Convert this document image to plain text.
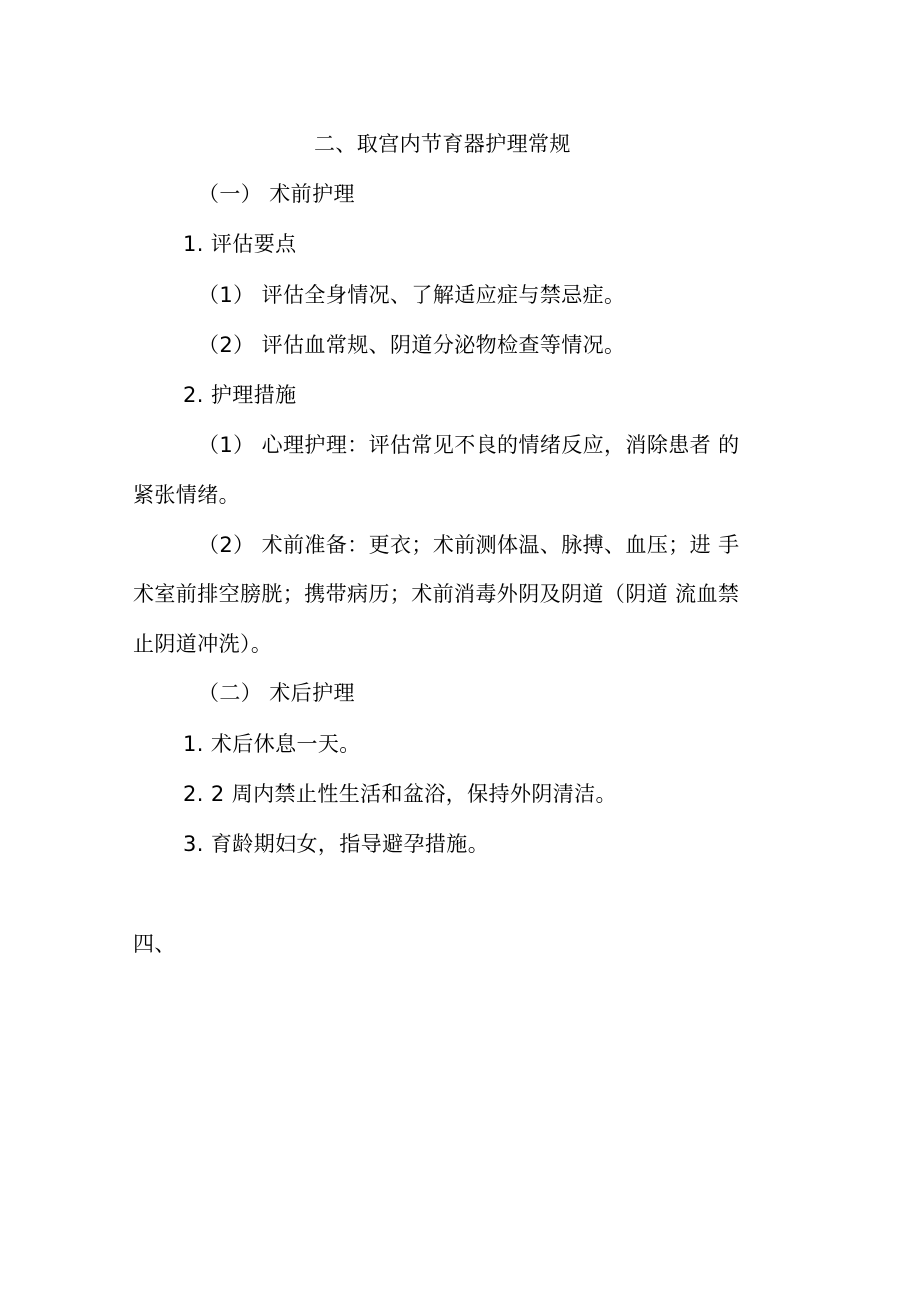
二、取宫内节育器护理常规
（一） 术前护理
1. 评估要点
（1） 评估全身情况、了解适应症与禁忌症。
（2） 评估血常规、阴道分泌物检查等情况。
2. 护理措施
（1） 心理护理：评估常见不良的情绪反应，消除患者 的
紧张情绪。
（2） 术前准备：更衣；术前测体温、脉搏、血压；进 手
术室前排空膀胱；携带病历；术前消毒外阴及阴道（阴道 流血禁
止阴道冲洗）。
（二） 术后护理
1. 术后休息一天。
2. 2 周内禁止性生活和盆浴，保持外阴清洁。
3. 育龄期妇女，指导避孕措施。
四、
